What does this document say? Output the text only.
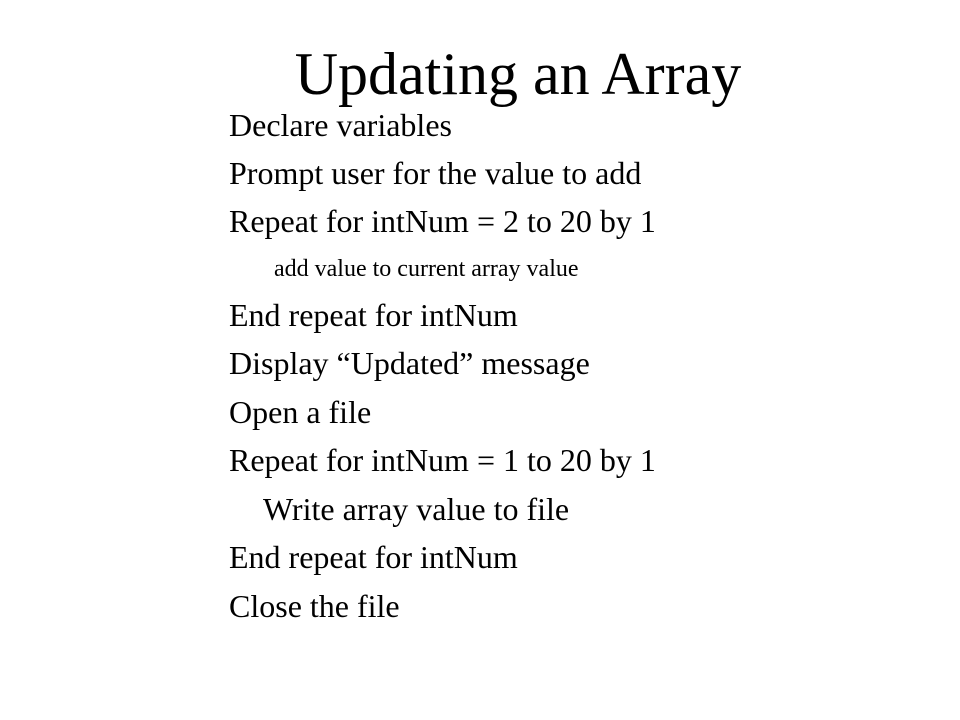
Updating an Array
Declare variables
Prompt user for the value to add
Repeat for intNum = 2 to 20 by 1
add value to current array value
End repeat for intNum
Display “Updated” message
Open a file
Repeat for intNum = 1 to 20 by 1
Write array value to file
End repeat for intNum
Close the file
